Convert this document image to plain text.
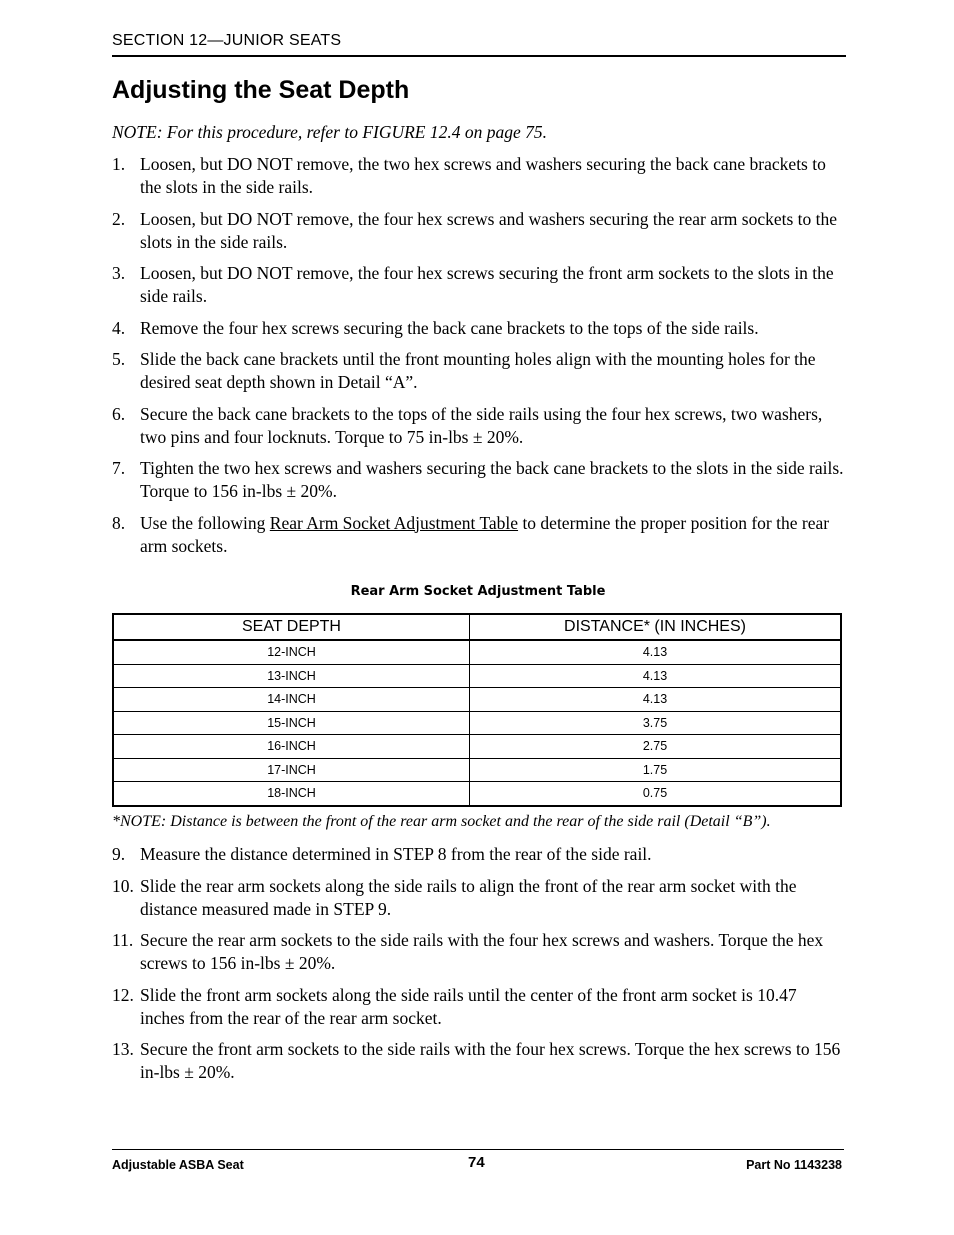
SECTION 12—JUNIOR SEATS
Adjusting the Seat Depth
NOTE: For this procedure, refer to FIGURE 12.4 on page 75.
1. Loosen, but DO NOT remove, the two hex screws and washers securing the back cane brackets to the slots in the side rails.
2. Loosen, but DO NOT remove, the four hex screws and washers securing the rear arm sockets to the slots in the side rails.
3. Loosen, but DO NOT remove, the four hex screws securing the front arm sockets to the slots in the side rails.
4. Remove the four hex screws securing the back cane brackets to the tops of the side rails.
5. Slide the back cane brackets until the front mounting holes align with the mounting holes for the desired seat depth shown in Detail “A”.
6. Secure the back cane brackets to the tops of the side rails using the four hex screws, two washers, two pins and four locknuts. Torque to 75 in-lbs ± 20%.
7. Tighten the two hex screws and washers securing the back cane brackets to the slots in the side rails. Torque to 156 in-lbs ± 20%.
8. Use the following Rear Arm Socket Adjustment Table to determine the proper position for the rear arm sockets.
Rear Arm Socket Adjustment Table
SEAT DEPTH	DISTANCE* (IN INCHES)
12-INCH	4.13
13-INCH	4.13
14-INCH	4.13
15-INCH	3.75
16-INCH	2.75
17-INCH	1.75
18-INCH	0.75
*NOTE: Distance is between the front of the rear arm socket and the rear of the side rail (Detail “B”).
9. Measure the distance determined in STEP 8 from the rear of the side rail.
10. Slide the rear arm sockets along the side rails to align the front of the rear arm socket with the distance measured made in STEP 9.
11. Secure the rear arm sockets to the side rails with the four hex screws and washers. Torque the hex screws to 156 in-lbs ± 20%.
12. Slide the front arm sockets along the side rails until the center of the front arm socket is 10.47 inches from the rear of the rear arm socket.
13. Secure the front arm sockets to the side rails with the four hex screws. Torque the hex screws to 156 in-lbs ± 20%.
Adjustable ASBA Seat	74	Part No 1143238
